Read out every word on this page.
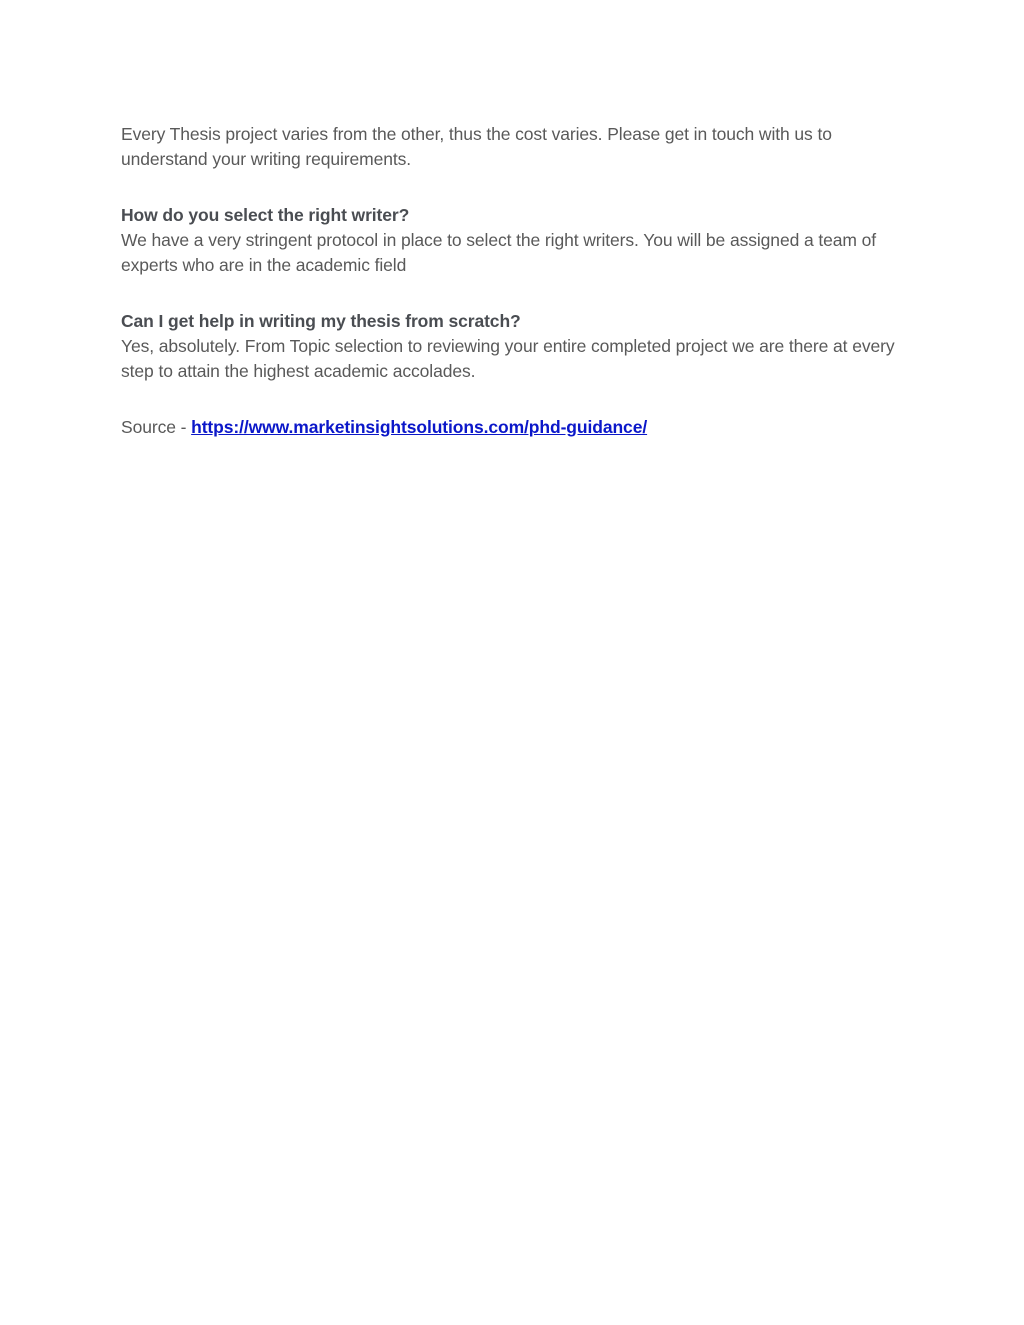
Every Thesis project varies from the other, thus the cost varies. Please get in touch with us to understand your writing requirements.

How do you select the right writer?

We have a very stringent protocol in place to select the right writers. You will be assigned a team of experts who are in the academic field

Can I get help in writing my thesis from scratch?

Yes, absolutely. From Topic selection to reviewing your entire completed project we are there at every step to attain the highest academic accolades.

Source - https://www.marketinsightsolutions.com/phd-guidance/
